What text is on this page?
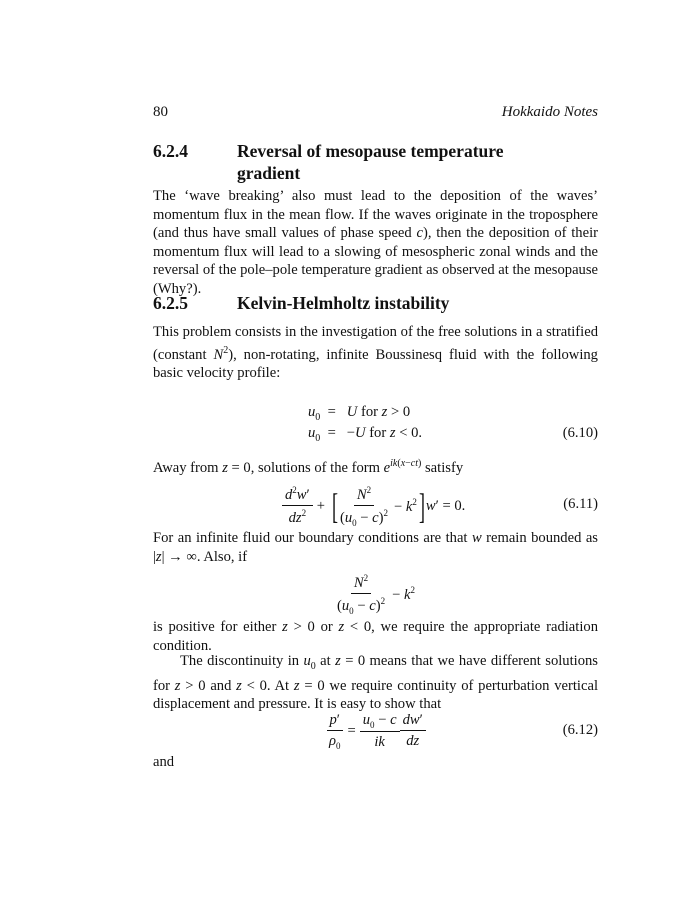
80	Hokkaido Notes
6.2.4	Reversal of mesopause temperature
gradient
The ‘wave breaking’ also must lead to the deposition of the waves’ momentum flux in the mean flow. If the waves originate in the troposphere (and thus have small values of phase speed c), then the deposition of their momentum flux will lead to a slowing of mesospheric zonal winds and the reversal of the pole–pole temperature gradient as observed at the mesopause (Why?).
6.2.5	Kelvin-Helmholtz instability
This problem consists in the investigation of the free solutions in a stratified (constant $N^2$), non-rotating, infinite Boussinesq fluid with the following basic velocity profile:
$u_0 = U$ for z > 0
$u_0 = -U$ for z < 0.	(6.10)
Away from z = 0, solutions of the form $e^{ik(x-ct)}$ satisfy
$\frac{d^2w'}{dz^2}$ + [ $\frac{N^2}{(u_0 - c)^2} - k^2$ ] w′ = 0.	(6.11)
For an infinite fluid our boundary conditions are that w remain bounded as |z| → ∞. Also, if
$\frac{N^2}{(u_0 - c)^2} - k^2$
is positive for either z > 0 or z < 0, we require the appropriate radiation condition.
The discontinuity in $u_0$ at z = 0 means that we have different solutions for z > 0 and z < 0. At z = 0 we require continuity of perturbation vertical displacement and pressure. It is easy to show that
$\frac{p'}{\rho_0} = \frac{u_0 - c}{ik} \frac{dw'}{dz}$	(6.12)
and
